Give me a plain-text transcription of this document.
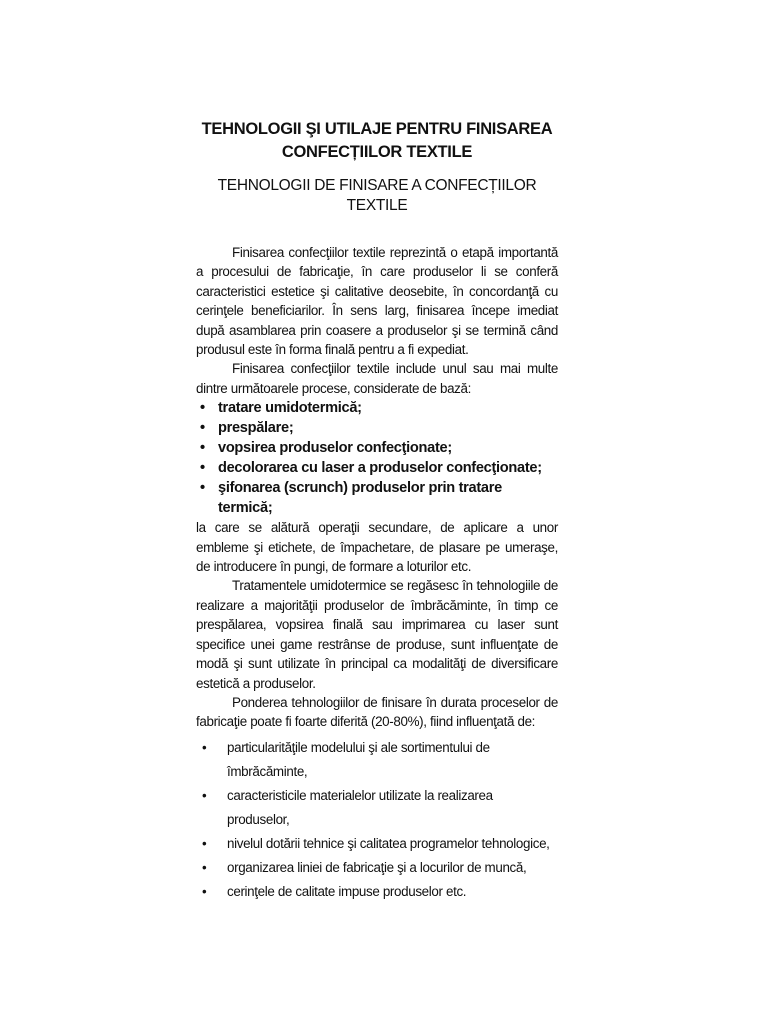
TEHNOLOGII ŞI UTILAJE PENTRU FINISAREA
CONFECȚIILOR TEXTILE

TEHNOLOGII DE FINISARE A CONFECȚIILOR TEXTILE

Finisarea confecţiilor textile reprezintă o etapă importantă a procesului de fabricaţie, în care produselor li se conferă caracteristici estetice şi calitative deosebite, în concordanţă cu cerinţele beneficiarilor. În sens larg, finisarea începe imediat după asamblarea prin coasere a produselor şi se termină când produsul este în forma finală pentru a fi expediat.

Finisarea confecţiilor textile include unul sau mai multe dintre următoarele procese, considerate de bază:

• tratare umidotermică;
• prespălare;
• vopsirea produselor confecţionate;
• decolorarea cu laser a produselor confecţionate;
• şifonarea (scrunch) produselor prin tratare termică;

la care se alătură operaţii secundare, de aplicare a unor embleme şi etichete, de împachetare, de plasare pe umeraşe, de introducere în pungi, de formare a loturilor etc.

Tratamentele umidotermice se regăsesc în tehnologiile de realizare a majorităţii produselor de îmbrăcăminte, în timp ce prespălarea, vopsirea finală sau imprimarea cu laser sunt specifice unei game restrânse de produse, sunt influenţate de modă şi sunt utilizate în principal ca modalităţi de diversificare estetică a produselor.

Ponderea tehnologiilor de finisare în durata proceselor de fabricaţie poate fi foarte diferită (20-80%), fiind influenţată de:

• particularităţile modelului şi ale sortimentului de îmbrăcăminte,
• caracteristicile materialelor utilizate la realizarea produselor,
• nivelul dotării tehnice şi calitatea programelor tehnologice,
• organizarea liniei de fabricaţie şi a locurilor de muncă,
• cerinţele de calitate impuse produselor etc.
